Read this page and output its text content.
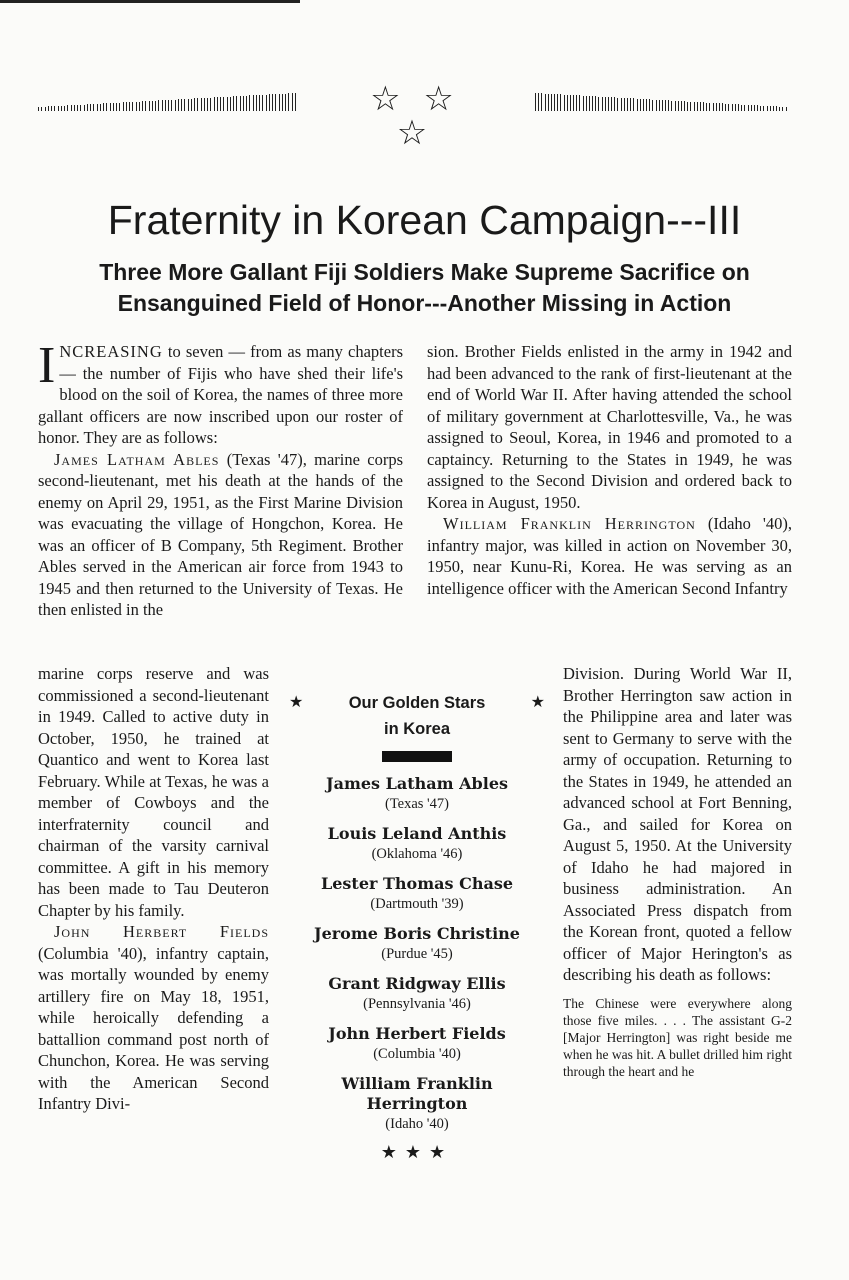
☆ ☆ ☆
Fraternity in Korean Campaign---III
Three More Gallant Fiji Soldiers Make Supreme Sacrifice on
Ensanguined Field of Honor---Another Missing in Action

INCREASING to seven — from as many chapters — the number of Fijis who have shed their life's blood on the soil of Korea, the names of three more gallant officers are now inscribed upon our roster of honor. They are as follows:

James Latham Ables (Texas '47), marine corps second-lieutenant, met his death at the hands of the enemy on April 29, 1951, as the First Marine Division was evacuating the village of Hongchon, Korea. He was an officer of B Company, 5th Regiment. Brother Ables served in the American air force from 1943 to 1945 and then returned to the University of Texas. He then enlisted in the

marine corps reserve and was commissioned a second-lieutenant in 1949. Called to active duty in October, 1950, he trained at Quantico and went to Korea last February. While at Texas, he was a member of Cowboys and the interfraternity council and chairman of the varsity carnival committee. A gift in his memory has been made to Tau Deuteron Chapter by his family.

John Herbert Fields (Columbia '40), infantry captain, was mortally wounded by enemy artillery fire on May 18, 1951, while heroically defending a battallion command post north of Chunchon, Korea. He was serving with the American Second Infantry Divi-

sion. Brother Fields enlisted in the army in 1942 and had been advanced to the rank of first-lieutenant at the end of World War II. After having attended the school of military government at Charlottesville, Va., he was assigned to Seoul, Korea, in 1946 and promoted to a captaincy. Returning to the States in 1949, he was assigned to the Second Division and ordered back to Korea in August, 1950.

William Franklin Herrington (Idaho '40), infantry major, was killed in action on November 30, 1950, near Kunu-Ri, Korea. He was serving as an intelligence officer with the American Second Infantry

Division. During World War II, Brother Herrington saw action in the Philippine area and later was sent to Germany to serve with the army of occupation. Returning to the States in 1949, he attended an advanced school at Fort Benning, Ga., and sailed for Korea on August 5, 1950. At the University of Idaho he had majored in business administration. An Associated Press dispatch from the Korean front, quoted a fellow officer of Major Herington's as describing his death as follows:

The Chinese were everywhere along those five miles. . . . The assistant G-2 [Major Herrington] was right beside me when he was hit. A bullet drilled him right through the heart and he

★	★
Our Golden Stars
in Korea
James Latham Ables
(Texas '47)
Louis Leland Anthis
(Oklahoma '46)
Lester Thomas Chase
(Dartmouth '39)
Jerome Boris Christine
(Purdue '45)
Grant Ridgway Ellis
(Pennsylvania '46)
John Herbert Fields
(Columbia '40)
William Franklin Herrington
(Idaho '40)
★★★
